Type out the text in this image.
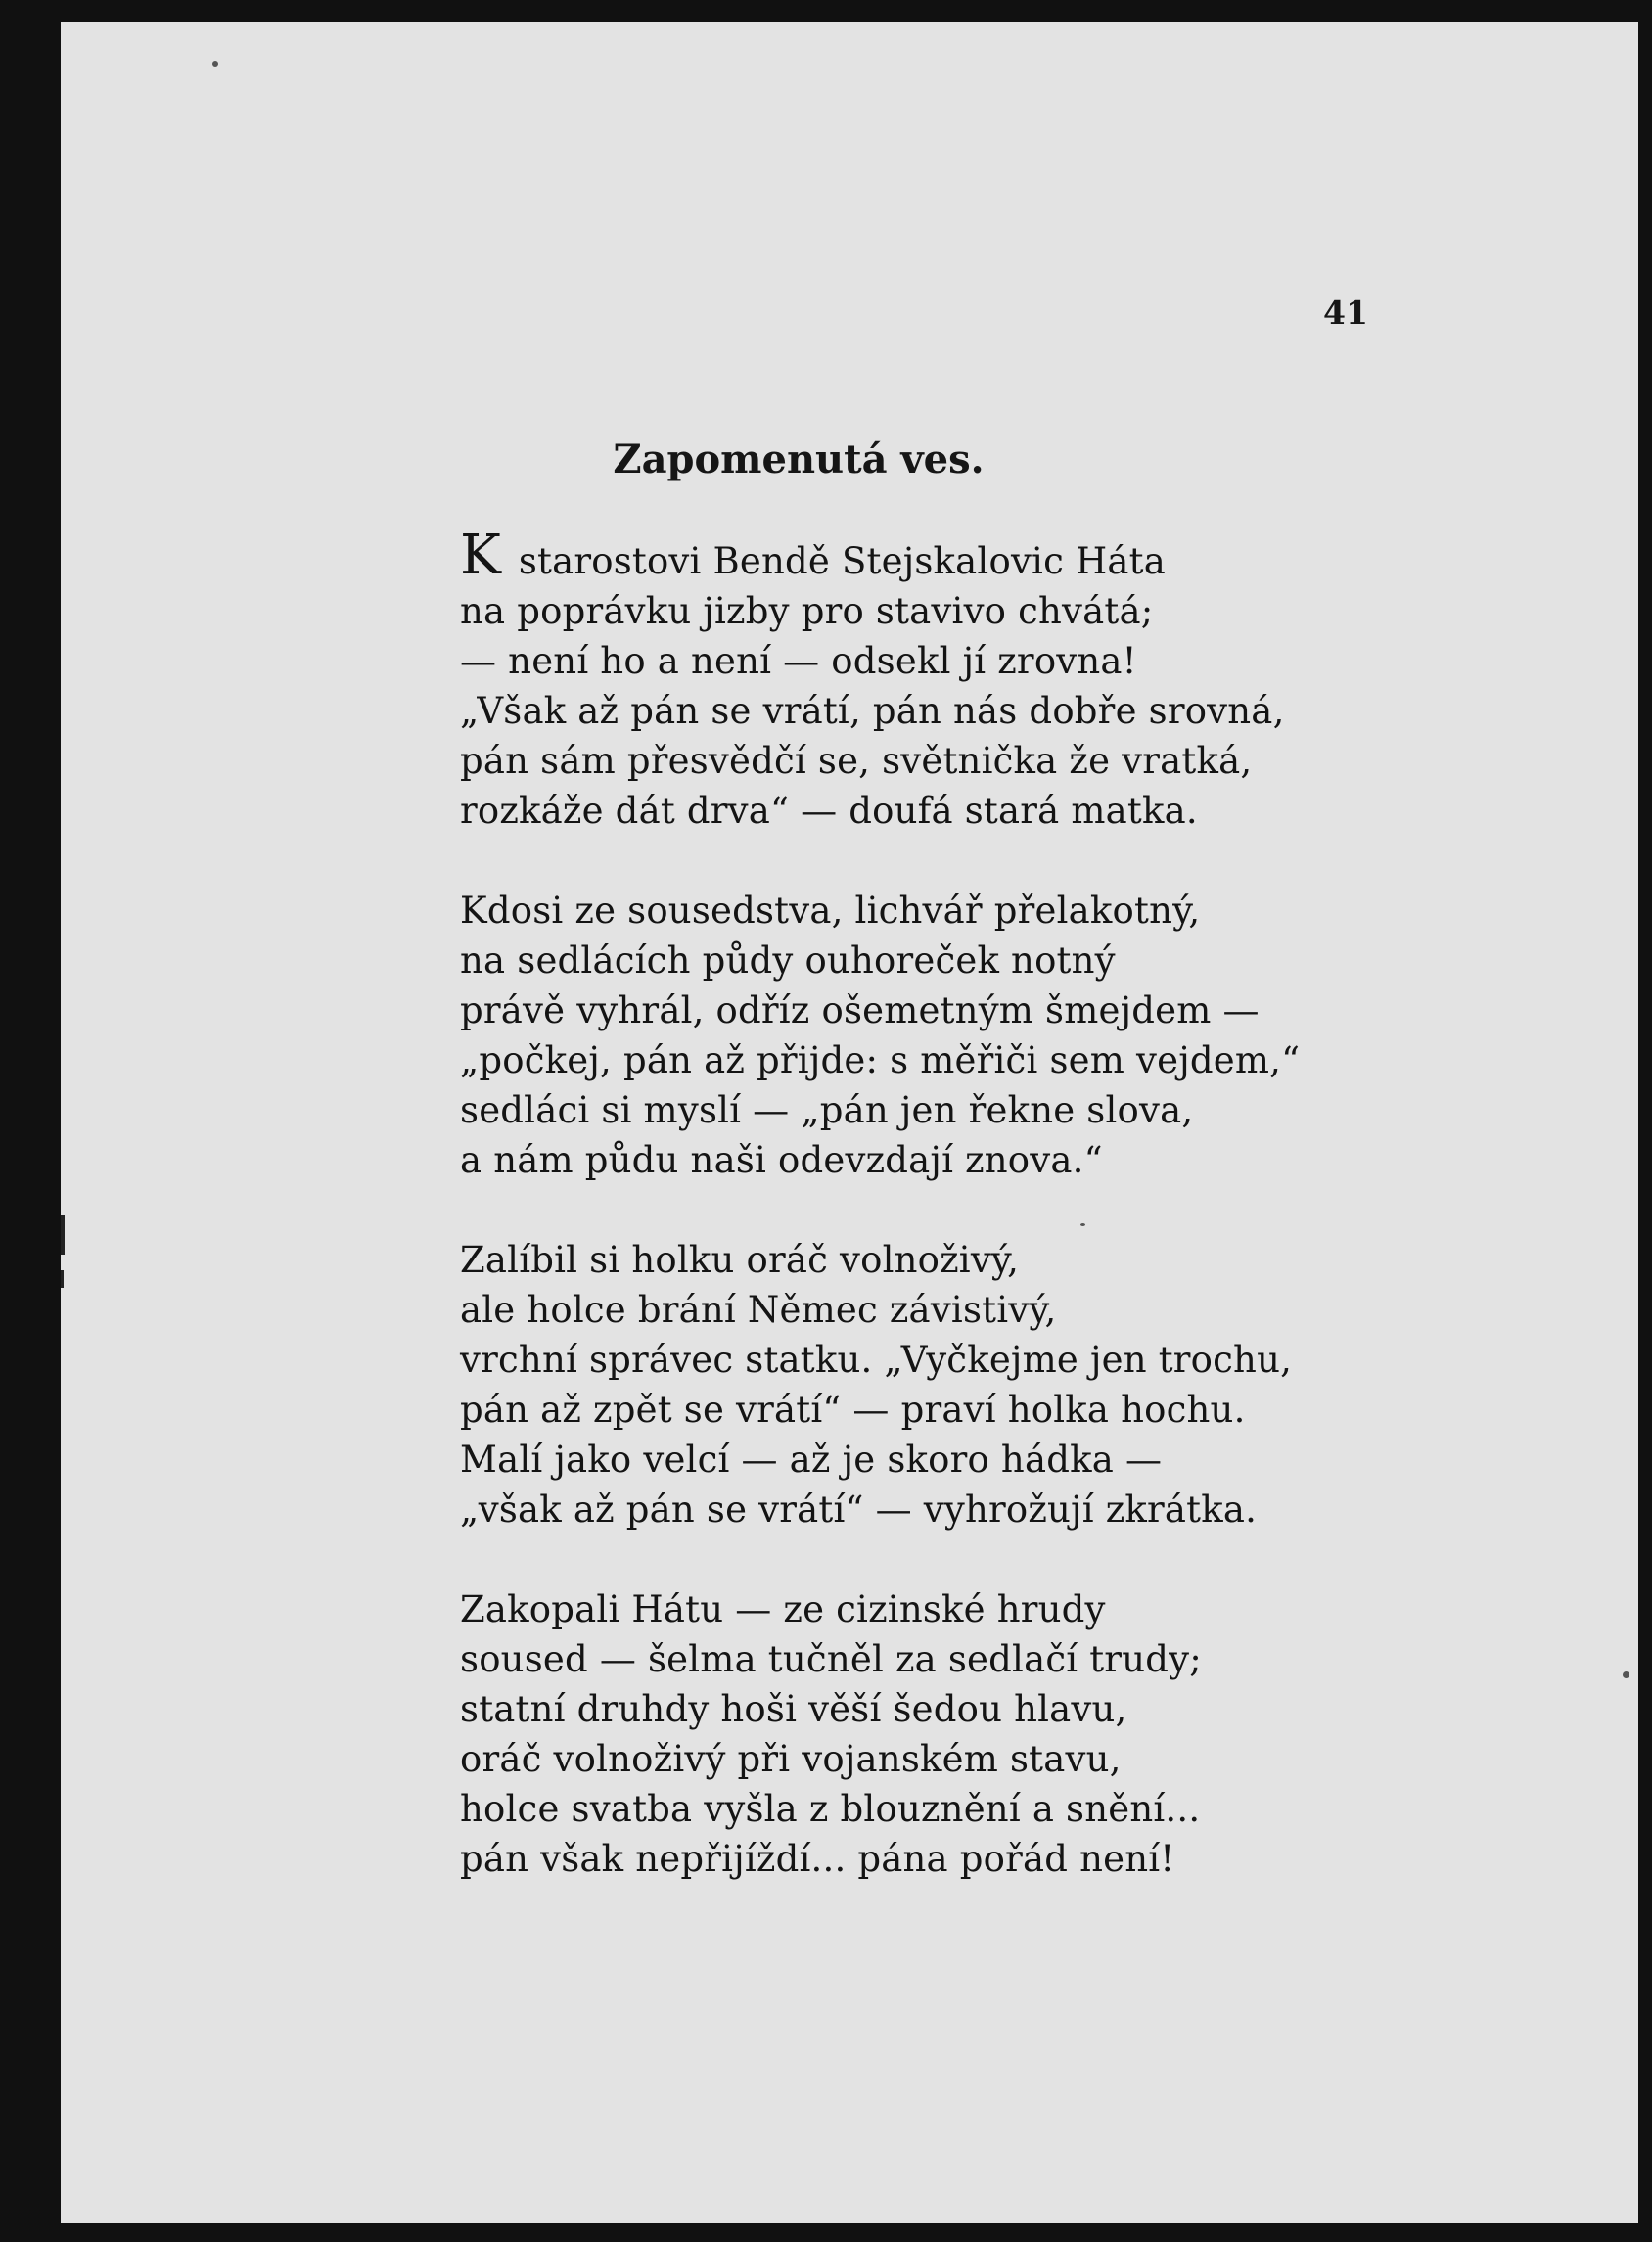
41

Zapomenutá ves.
K starostovi Bendě Stejskalovic Háta
na poprávku jizby pro stavivo chvátá;
— není ho a není — odsekl jí zrovna!
„Však až pán se vrátí, pán nás dobře srovná,
pán sám přesvědčí se, světnička že vratká,
rozkáže dát drva“ — doufá stará matka.
Kdosi ze sousedstva, lichvář přelakotný,
na sedlácích půdy ouhoreček notný
právě vyhrál, odříz ošemetným šmejdem —
„počkej, pán až přijde: s měřiči sem vejdem,“
sedláci si myslí — „pán jen řekne slova,
a nám půdu naši odevzdají znova.“
Zalíbil si holku oráč volnoživý,
ale holce brání Němec závistivý,
vrchní správec statku. „Vyčkejme jen trochu,
pán až zpět se vrátí“ — praví holka hochu.
Malí jako velcí — až je skoro hádka —
„však až pán se vrátí“ — vyhrožují zkrátka.
Zakopali Hátu — ze cizinské hrudy
soused — šelma tučněl za sedlačí trudy;
statní druhdy hoši věší šedou hlavu,
oráč volnoživý při vojanském stavu,
holce svatba vyšla z blouznění a snění...
pán však nepřijíždí... pána pořád není!
